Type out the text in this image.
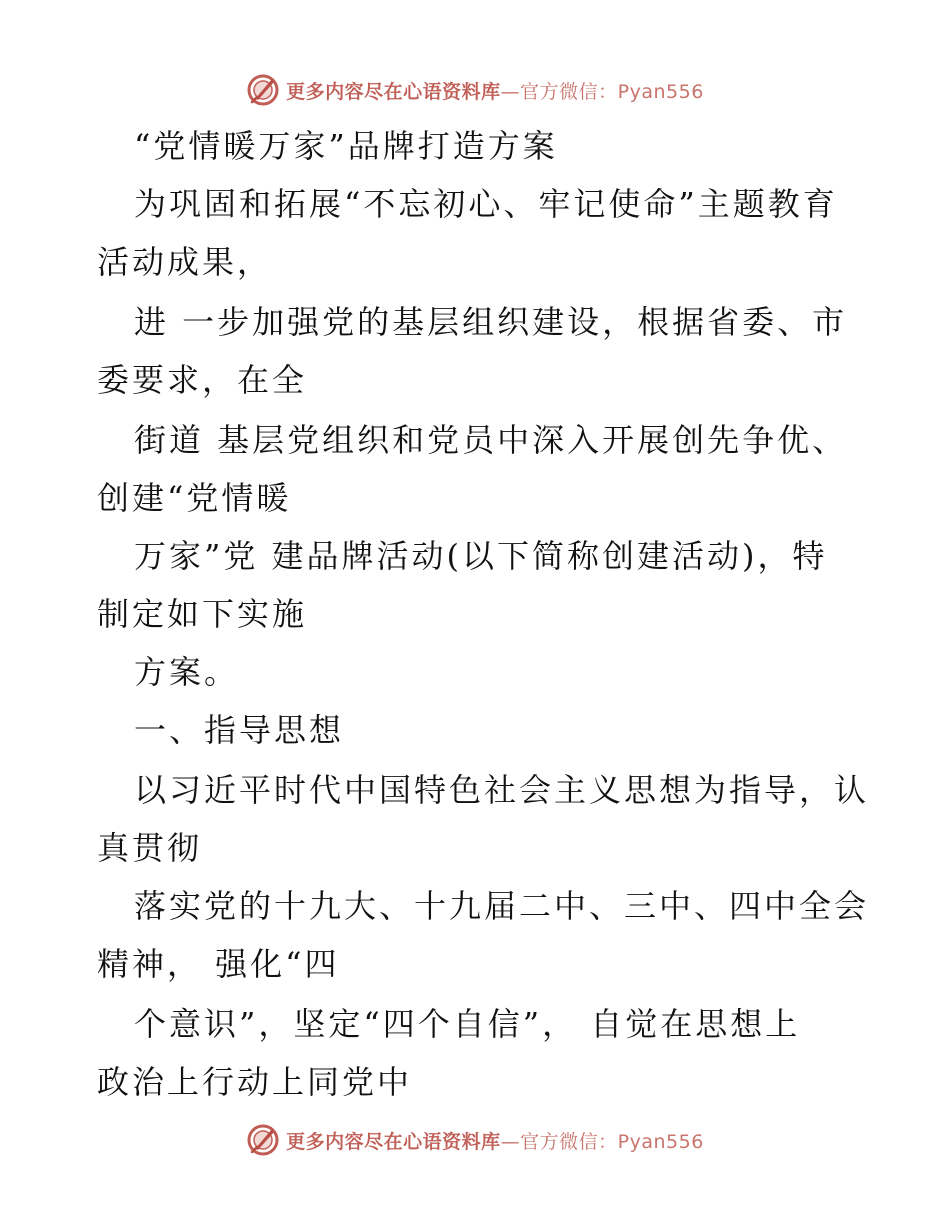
更多内容尽在心语资料库—官方微信：Pyan556
“党情暖万家”品牌打造方案
为巩固和拓展“不忘初心、牢记使命”主题教育
活动成果，
进 一步加强党的基层组织建设，根据省委、市
委要求，在全
街道 基层党组织和党员中深入开展创先争优、
创建“党情暖
万家”党 建品牌活动(以下简称创建活动)，特
制定如下实施
方案。
一、指导思想
以习近平时代中国特色社会主义思想为指导，认
真贯彻
落实党的十九大、十九届二中、三中、四中全会
精神， 强化“四
个意识”，坚定“四个自信”， 自觉在思想上
政治上行动上同党中
更多内容尽在心语资料库—官方微信：Pyan556
